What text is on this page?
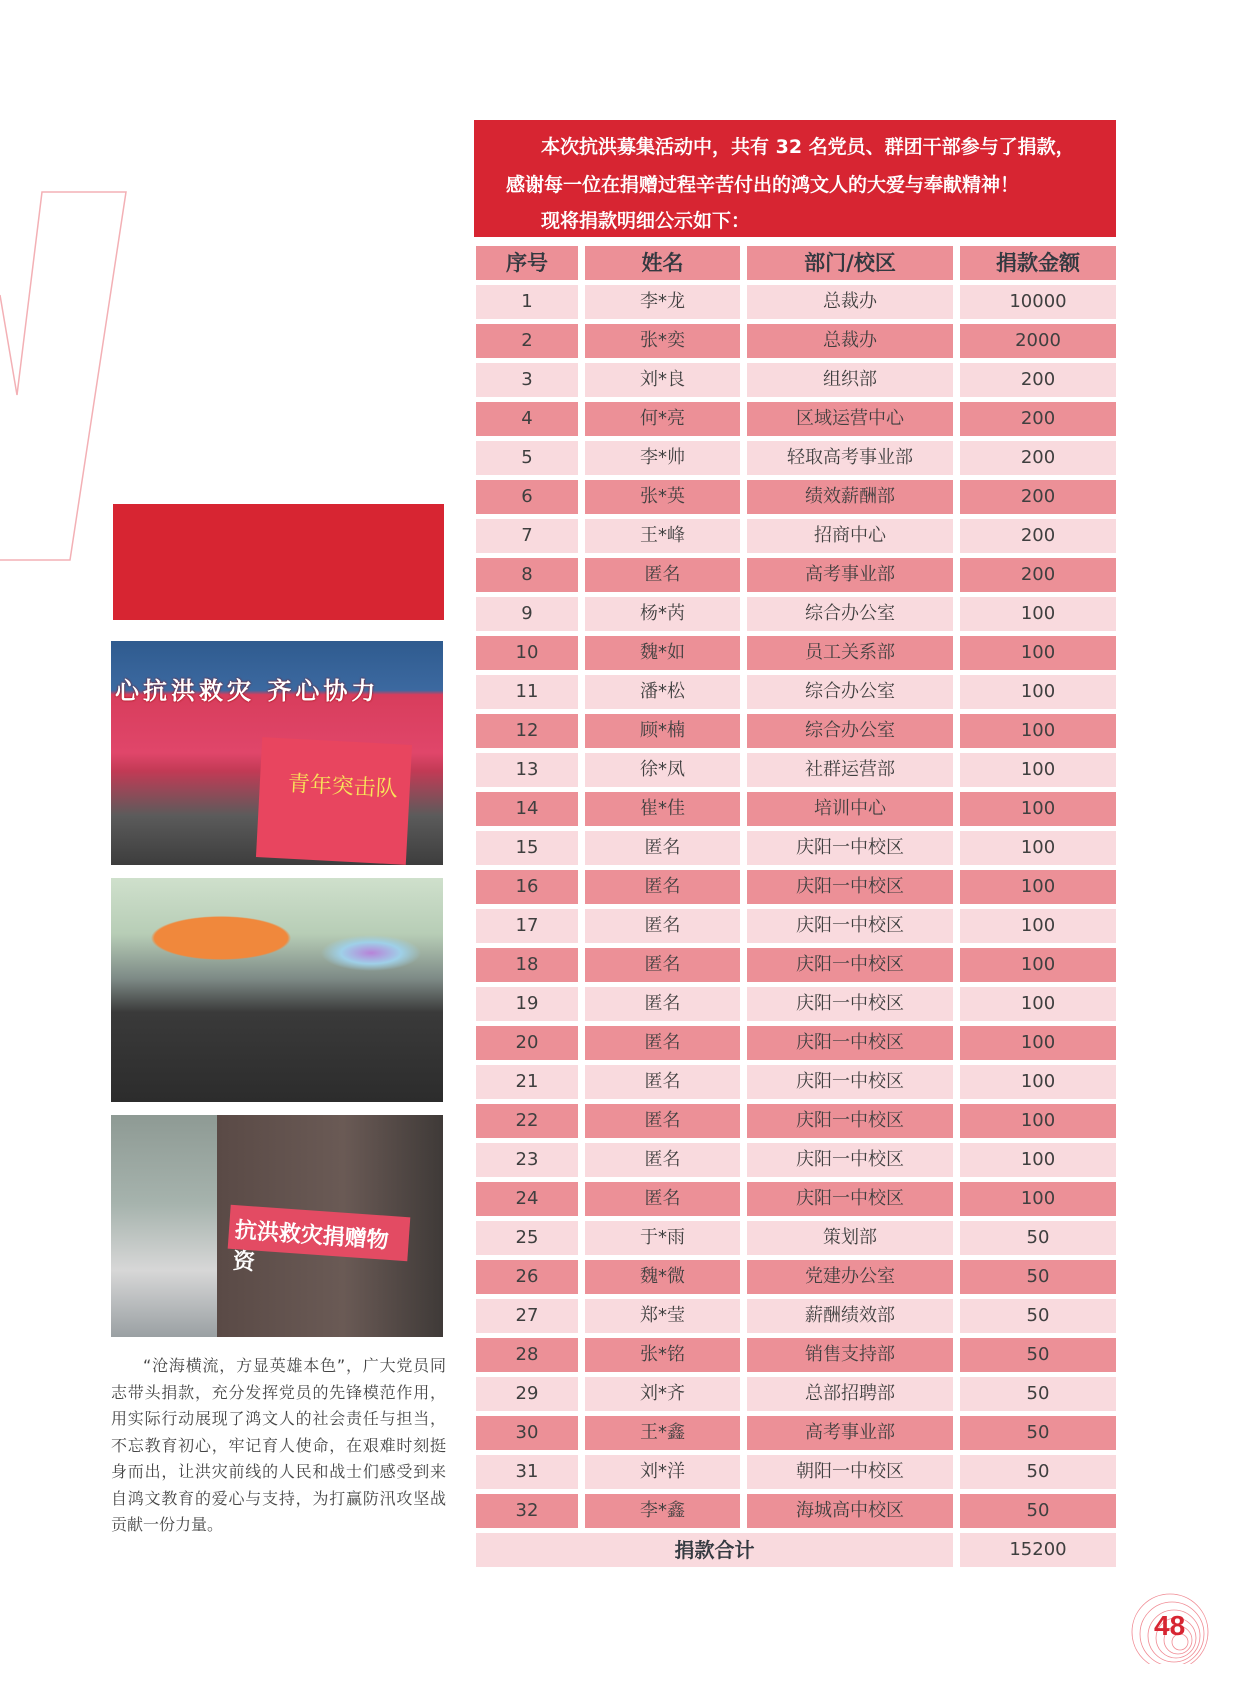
心抗洪救灾 齐心协力
青年突击队
抗洪救灾捐赠物资

“沧海横流，方显英雄本色”，广大党员同志带头捐款，充分发挥党员的先锋模范作用，用实际行动展现了鸿文人的社会责任与担当，不忘教育初心，牢记育人使命，在艰难时刻挺身而出，让洪灾前线的人民和战士们感受到来自鸿文教育的爱心与支持，为打赢防汛攻坚战贡献一份力量。

本次抗洪募集活动中，共有 32 名党员、群团干部参与了捐款，
感谢每一位在捐赠过程辛苦付出的鸿文人的大爱与奉献精神！
现将捐款明细公示如下：
序号	姓名	部门/校区	捐款金额
1	李*龙	总裁办	10000
2	张*奕	总裁办	2000
3	刘*良	组织部	200
4	何*亮	区域运营中心	200
5	李*帅	轻取高考事业部	200
6	张*英	绩效薪酬部	200
7	王*峰	招商中心	200
8	匿名	高考事业部	200
9	杨*芮	综合办公室	100
10	魏*如	员工关系部	100
11	潘*松	综合办公室	100
12	顾*楠	综合办公室	100
13	徐*凤	社群运营部	100
14	崔*佳	培训中心	100
15	匿名	庆阳一中校区	100
16	匿名	庆阳一中校区	100
17	匿名	庆阳一中校区	100
18	匿名	庆阳一中校区	100
19	匿名	庆阳一中校区	100
20	匿名	庆阳一中校区	100
21	匿名	庆阳一中校区	100
22	匿名	庆阳一中校区	100
23	匿名	庆阳一中校区	100
24	匿名	庆阳一中校区	100
25	于*雨	策划部	50
26	魏*微	党建办公室	50
27	郑*莹	薪酬绩效部	50
28	张*铭	销售支持部	50
29	刘*齐	总部招聘部	50
30	王*鑫	高考事业部	50
31	刘*洋	朝阳一中校区	50
32	李*鑫	海城高中校区	50
捐款合计	15200
48
